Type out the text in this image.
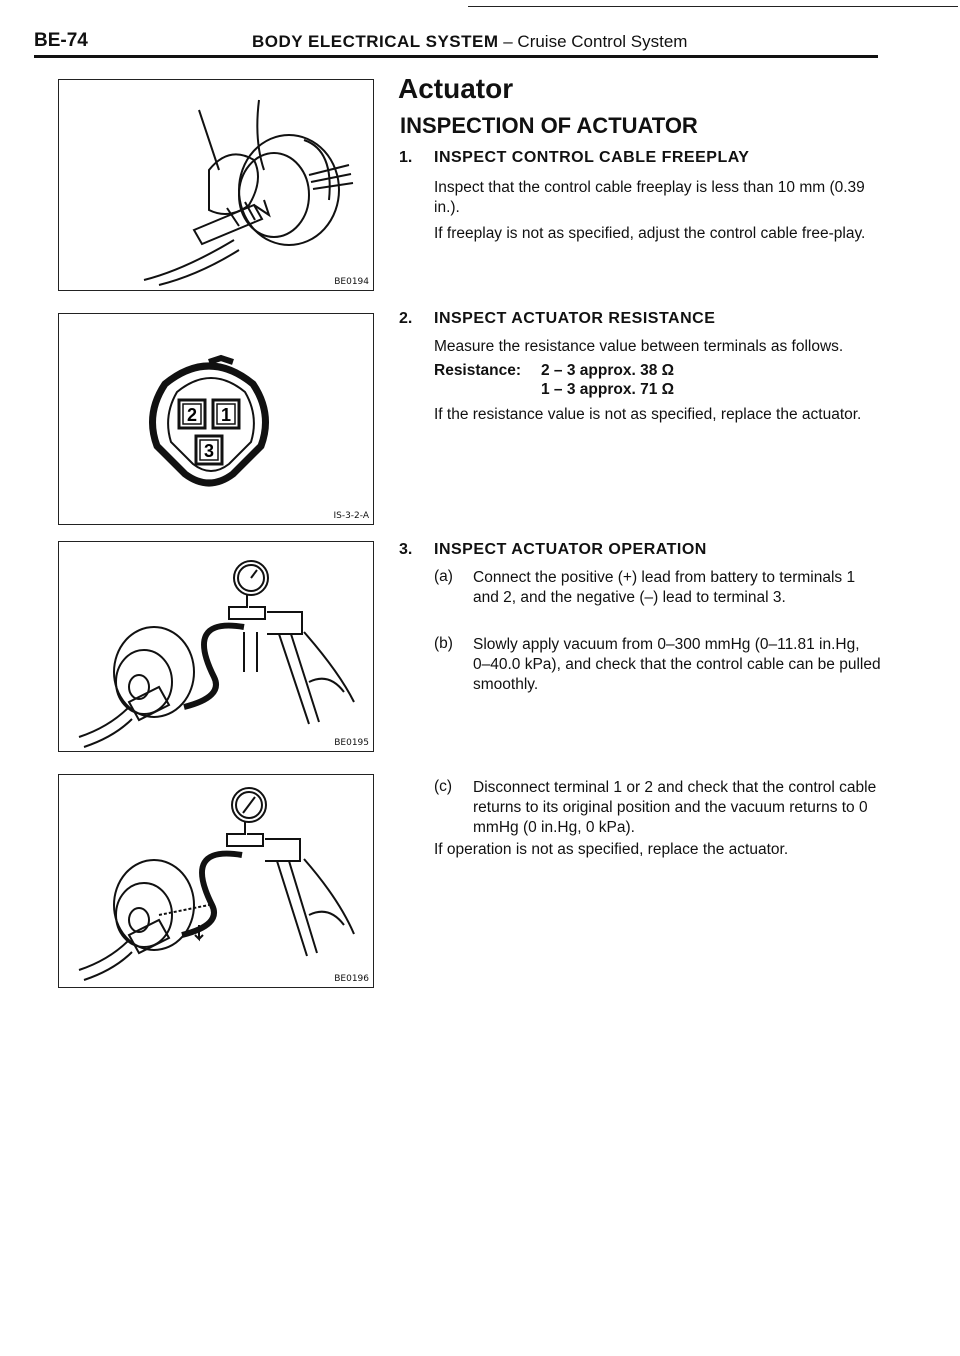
BE-74	BODY ELECTRICAL SYSTEM – Cruise Control System
BE0194
2 1
3
IS-3-2-A
BE0195
BE0196
Actuator
INSPECTION OF ACTUATOR
1. INSPECT CONTROL CABLE FREEPLAY
Inspect that the control cable freeplay is less than 10 mm (0.39 in.).
If freeplay is not as specified, adjust the control cable free-play.
2. INSPECT ACTUATOR RESISTANCE
Measure the resistance value between terminals as follows.
Resistance: 2 – 3 approx. 38 Ω
1 – 3 approx. 71 Ω
If the resistance value is not as specified, replace the actuator.
3. INSPECT ACTUATOR OPERATION
(a) Connect the positive (+) lead from battery to terminals 1 and 2, and the negative (–) lead to terminal 3.
(b) Slowly apply vacuum from 0–300 mmHg (0–11.81 in.Hg, 0–40.0 kPa), and check that the control cable can be pulled smoothly.
(c) Disconnect terminal 1 or 2 and check that the control cable returns to its original position and the vacuum returns to 0 mmHg (0 in.Hg, 0 kPa).
If operation is not as specified, replace the actuator.
